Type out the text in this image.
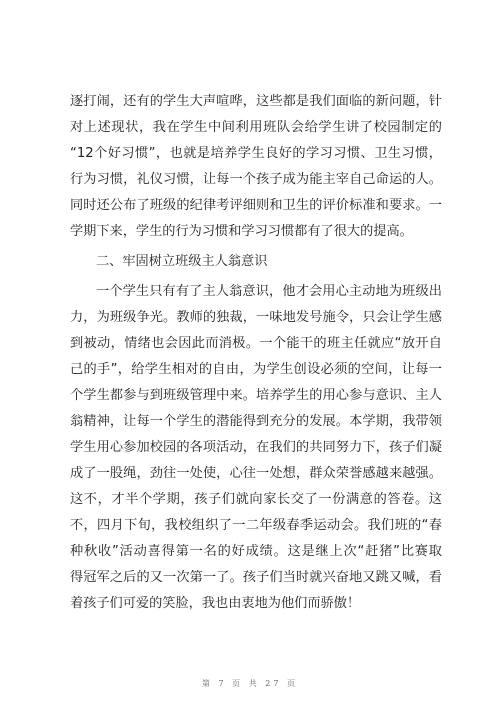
逐打闹，还有的学生大声喧哗，这些都是我们面临的新问题，针
对上述现状，我在学生中间利用班队会给学生讲了校园制定的
“12个好习惯”，也就是培养学生良好的学习习惯、卫生习惯，
行为习惯，礼仪习惯，让每一个孩子成为能主宰自己命运的人。
同时还公布了班级的纪律考评细则和卫生的评价标准和要求。一
学期下来，学生的行为习惯和学习习惯都有了很大的提高。
二、牢固树立班级主人翁意识
一个学生只有有了主人翁意识，他才会用心主动地为班级出
力，为班级争光。教师的独裁，一味地发号施令，只会让学生感
到被动，情绪也会因此而消极。一个能干的班主任就应“放开自
己的手”，给学生相对的自由，为学生创设必须的空间，让每一
个学生都参与到班级管理中来。培养学生的用心参与意识、主人
翁精神，让每一个学生的潜能得到充分的发展。本学期，我带领
学生用心参加校园的各项活动，在我们的共同努力下，孩子们凝
成了一股绳，劲往一处使，心往一处想，群众荣誉感越来越强。
这不，才半个学期，孩子们就向家长交了一份满意的答卷。这
不，四月下旬，我校组织了一二年级春季运动会。我们班的“春
种秋收”活动喜得第一名的好成绩。这是继上次“赶猪”比赛取
得冠军之后的又一次第一了。孩子们当时就兴奋地又跳又喊，看
着孩子们可爱的笑脸，我也由衷地为他们而骄傲！
第 7 页 共 27 页
